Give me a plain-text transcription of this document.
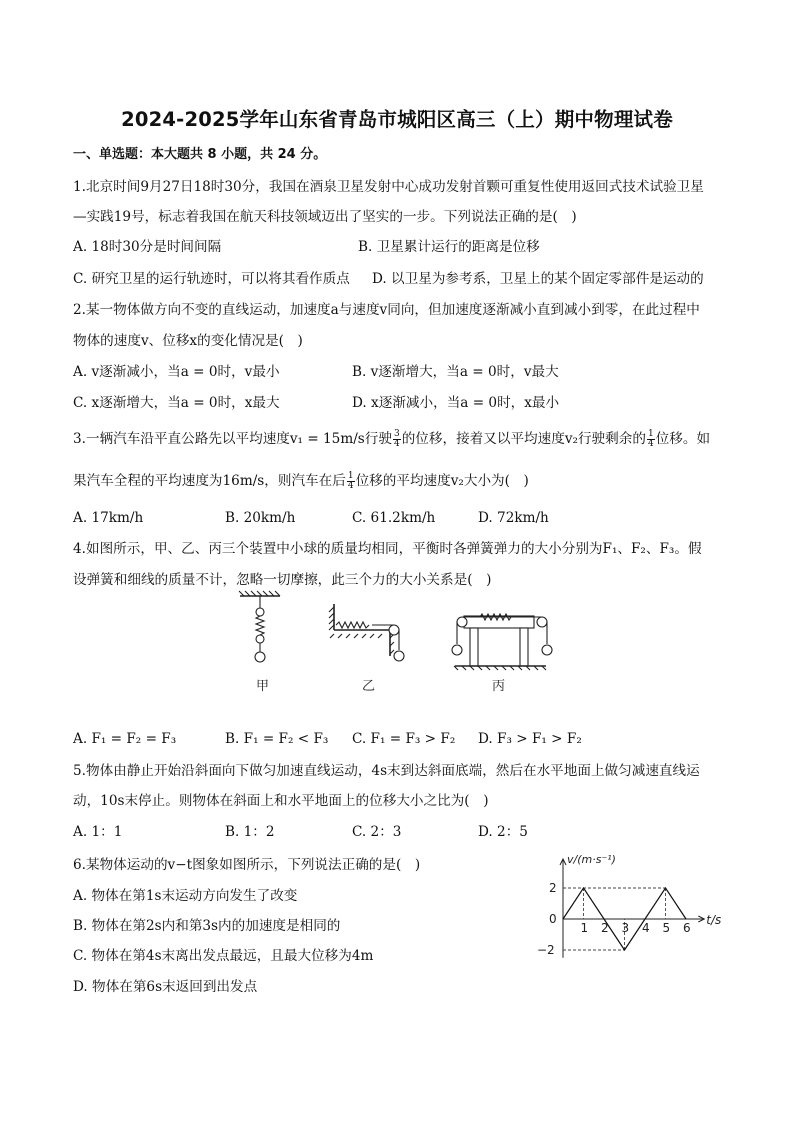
2024-2025学年山东省青岛市城阳区高三（上）期中物理试卷
一、单选题：本大题共 8 小题，共 24 分。
1.北京时间9月27日18时30分，我国在酒泉卫星发射中心成功发射首颗可重复性使用返回式技术试验卫星
—实践19号，标志着我国在航天科技领域迈出了坚实的一步。下列说法正确的是(　)
A. 18时30分是时间间隔	B. 卫星累计运行的距离是位移
C. 研究卫星的运行轨迹时，可以将其看作质点 D. 以卫星为参考系，卫星上的某个固定零部件是运动的
2.某一物体做方向不变的直线运动，加速度a与速度v同向，但加速度逐渐减小直到减小到零，在此过程中
物体的速度v、位移x的变化情况是(　)
A. v逐渐减小，当a = 0时，v最小	B. v逐渐增大，当a = 0时，v最大
C. x逐渐增大，当a = 0时，x最大	D. x逐渐减小，当a = 0时，x最小
3.一辆汽车沿平直公路先以平均速度v₁ = 15m/s行驶 $\frac{3}{4}$ 的位移，接着又以平均速度v₂行驶剩余的 $\frac{1}{4}$ 位移。如
果汽车全程的平均速度为16m/s，则汽车在后 $\frac{1}{4}$ 位移的平均速度v₂大小为(　)
A. 17km/h	B. 20km/h	C. 61.2km/h	D. 72km/h
4.如图所示，甲、乙、丙三个装置中小球的质量均相同，平衡时各弹簧弹力的大小分别为F₁、F₂、F₃。假
设弹簧和细线的质量不计，忽略一切摩擦，此三个力的大小关系是(　)
甲	乙	丙
A. F₁ = F₂ = F₃	B. F₁ = F₂ < F₃ C. F₁ = F₃ > F₂ D. F₃ > F₁ > F₂
5.物体由静止开始沿斜面向下做匀加速直线运动，4s末到达斜面底端，然后在水平地面上做匀减速直线运
动，10s末停止。则物体在斜面上和水平地面上的位移大小之比为(　)
A. 1：1	B. 1：2	C. 2：3	D. 2：5
6.某物体运动的v−t图象如图所示，下列说法正确的是(　)
A. 物体在第1s末运动方向发生了改变
B. 物体在第2s内和第3s内的加速度是相同的
C. 物体在第4s末离出发点最远，且最大位移为4m
D. 物体在第6s末返回到出发点
1 2 3 4 5 6
2
0
−2
v/(m·s⁻¹)
t/s
